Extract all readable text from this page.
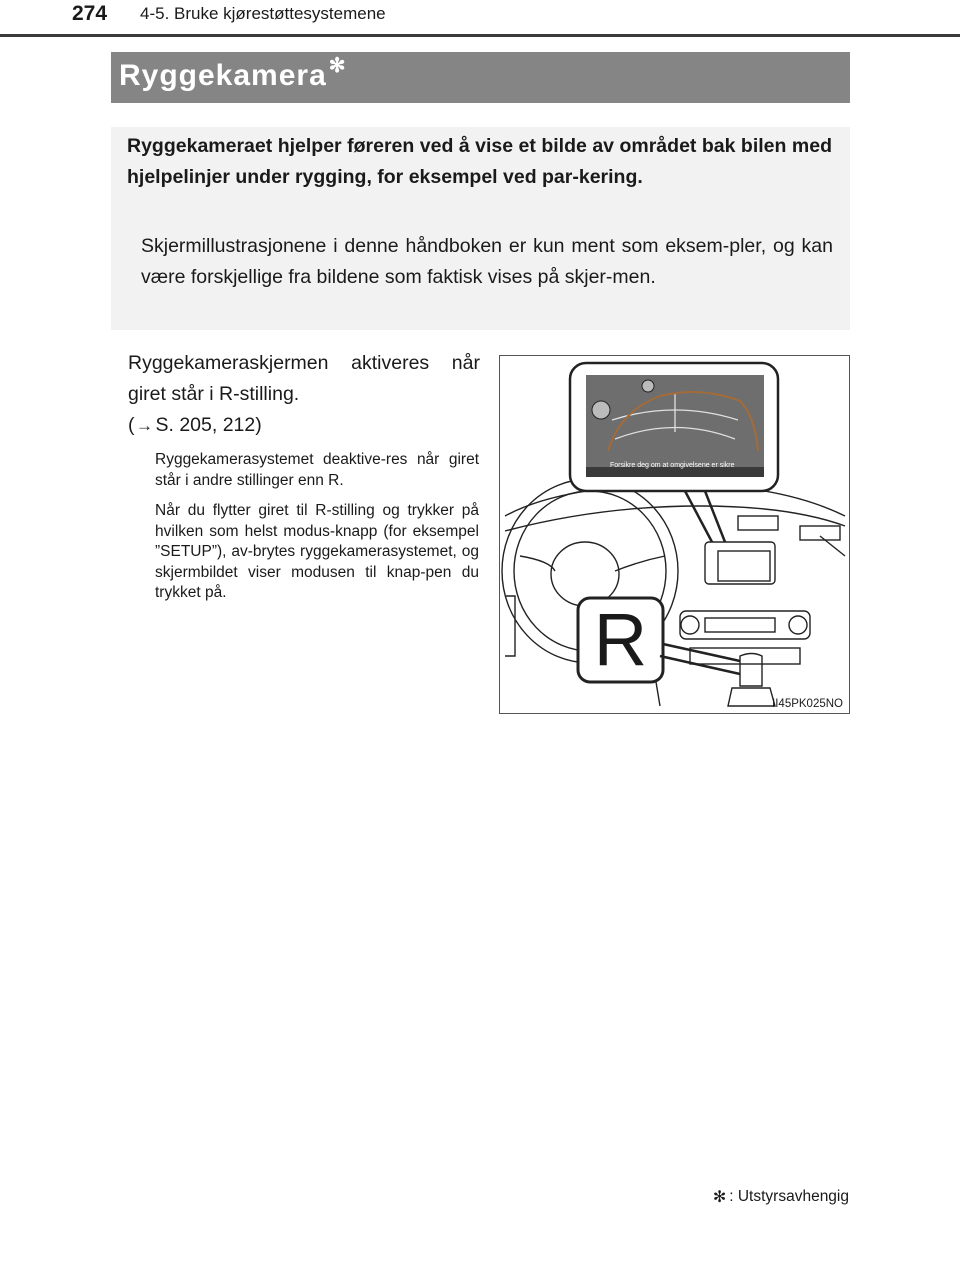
274 4-5. Bruke kjørestøttesystemene
Ryggekamera ✻
Ryggekameraet hjelper føreren ved å vise et bilde av området bak bilen med hjelpelinjer under rygging, for eksempel ved par-kering.
Skjermillustrasjonene i denne håndboken er kun ment som eksem-pler, og kan være forskjellige fra bildene som faktisk vises på skjer-men.
Ryggekameraskjermen aktiveres når giret står i R-stilling.
( → S. 205, 212)
Ryggekamerasystemet deaktive-res når giret står i andre stillinger enn R.
Når du flytter giret til R-stilling og trykker på hvilken som helst modus-knapp (for eksempel ”SETUP”), av-brytes ryggekamerasystemet, og skjermbildet viser modusen til knap-pen du trykket på.
R
II45PK025NO
Forsikre deg om at omgivelsene er sikre
✻ : Utstyrsavhengig
